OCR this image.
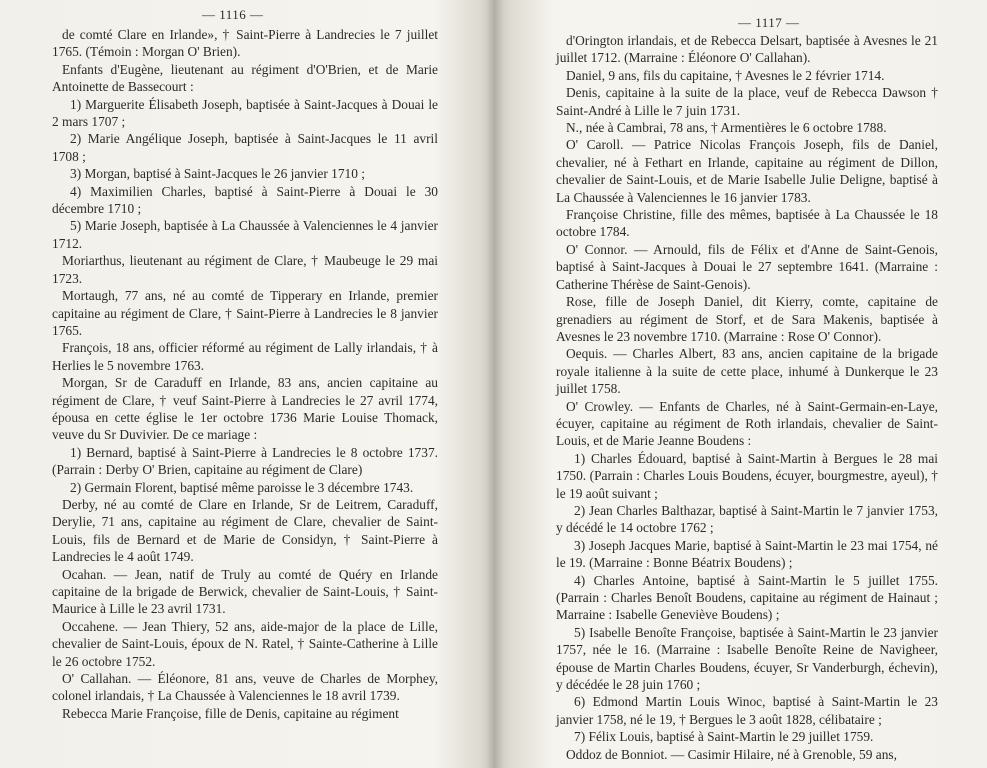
— 1116 —

de comté Clare en Irlande», † Saint-Pierre à Landrecies le 7 juillet 1765. (Témoin : Morgan O' Brien).

Enfants d'Eugène, lieutenant au régiment d'O'Brien, et de Marie Antoinette de Bassecourt :

1) Marguerite Élisabeth Joseph, baptisée à Saint-Jacques à Douai le 2 mars 1707 ;

2) Marie Angélique Joseph, baptisée à Saint-Jacques le 11 avril 1708 ;

3) Morgan, baptisé à Saint-Jacques le 26 janvier 1710 ;

4) Maximilien Charles, baptisé à Saint-Pierre à Douai le 30 décembre 1710 ;

5) Marie Joseph, baptisée à La Chaussée à Valenciennes le 4 janvier 1712.

Moriarthus, lieutenant au régiment de Clare, † Maubeuge le 29 mai 1723.

Mortaugh, 77 ans, né au comté de Tipperary en Irlande, premier capitaine au régiment de Clare, † Saint-Pierre à Landrecies le 8 janvier 1765.

François, 18 ans, officier réformé au régiment de Lally irlandais, † à Herlies le 5 novembre 1763.

Morgan, Sr de Caraduff en Irlande, 83 ans, ancien capitaine au régiment de Clare, † veuf Saint-Pierre à Landrecies le 27 avril 1774, épousa en cette église le 1er octobre 1736 Marie Louise Thomack, veuve du Sr Duvivier. De ce mariage :

1) Bernard, baptisé à Saint-Pierre à Landrecies le 8 octobre 1737. (Parrain : Derby O' Brien, capitaine au régiment de Clare)

2) Germain Florent, baptisé même paroisse le 3 décembre 1743.

Derby, né au comté de Clare en Irlande, Sr de Leitrem, Caraduff, Derylie, 71 ans, capitaine au régiment de Clare, chevalier de Saint-Louis, fils de Bernard et de Marie de Considyn, † Saint-Pierre à Landrecies le 4 août 1749.

Ocahan. — Jean, natif de Truly au comté de Quéry en Irlande capitaine de la brigade de Berwick, chevalier de Saint-Louis, † Saint-Maurice à Lille le 23 avril 1731.

Occahene. — Jean Thiery, 52 ans, aide-major de la place de Lille, chevalier de Saint-Louis, époux de N. Ratel, † Sainte-Catherine à Lille le 26 octobre 1752.

O' Callahan. — Éléonore, 81 ans, veuve de Charles de Morphey, colonel irlandais, † La Chaussée à Valenciennes le 18 avril 1739.

Rebecca Marie Françoise, fille de Denis, capitaine au régiment

— 1117 —

d'Orington irlandais, et de Rebecca Delsart, baptisée à Avesnes le 21 juillet 1712. (Marraine : Éléonore O' Callahan).

Daniel, 9 ans, fils du capitaine, † Avesnes le 2 février 1714.

Denis, capitaine à la suite de la place, veuf de Rebecca Dawson † Saint-André à Lille le 7 juin 1731.

N., née à Cambrai, 78 ans, † Armentières le 6 octobre 1788.

O' Caroll. — Patrice Nicolas François Joseph, fils de Daniel, chevalier, né à Fethart en Irlande, capitaine au régiment de Dillon, chevalier de Saint-Louis, et de Marie Isabelle Julie Deligne, baptisé à La Chaussée à Valenciennes le 16 janvier 1783.

Françoise Christine, fille des mêmes, baptisée à La Chaussée le 18 octobre 1784.

O' Connor. — Arnould, fils de Félix et d'Anne de Saint-Genois, baptisé à Saint-Jacques à Douai le 27 septembre 1641. (Marraine : Catherine Thérèse de Saint-Genois).

Rose, fille de Joseph Daniel, dit Kierry, comte, capitaine de grenadiers au régiment de Storf, et de Sara Makenis, baptisée à Avesnes le 23 novembre 1710. (Marraine : Rose O' Connor).

Oequis. — Charles Albert, 83 ans, ancien capitaine de la brigade royale italienne à la suite de cette place, inhumé à Dunkerque le 23 juillet 1758.

O' Crowley. — Enfants de Charles, né à Saint-Germain-en-Laye, écuyer, capitaine au régiment de Roth irlandais, chevalier de Saint-Louis, et de Marie Jeanne Boudens :

1) Charles Édouard, baptisé à Saint-Martin à Bergues le 28 mai 1750. (Parrain : Charles Louis Boudens, écuyer, bourgmestre, ayeul), † le 19 août suivant ;

2) Jean Charles Balthazar, baptisé à Saint-Martin le 7 janvier 1753, y décédé le 14 octobre 1762 ;

3) Joseph Jacques Marie, baptisé à Saint-Martin le 23 mai 1754, né le 19. (Marraine : Bonne Béatrix Boudens) ;

4) Charles Antoine, baptisé à Saint-Martin le 5 juillet 1755. (Parrain : Charles Benoît Boudens, capitaine au régiment de Hainaut ; Marraine : Isabelle Geneviève Boudens) ;

5) Isabelle Benoîte Françoise, baptisée à Saint-Martin le 23 janvier 1757, née le 16. (Marraine : Isabelle Benoîte Reine de Navigheer, épouse de Martin Charles Boudens, écuyer, Sr Vanderburgh, échevin), y décédée le 28 juin 1760 ;

6) Edmond Martin Louis Winoc, baptisé à Saint-Martin le 23 janvier 1758, né le 19, † Bergues le 3 août 1828, célibataire ;

7) Félix Louis, baptisé à Saint-Martin le 29 juillet 1759.

Oddoz de Bonniot. — Casimir Hilaire, né à Grenoble, 59 ans,
